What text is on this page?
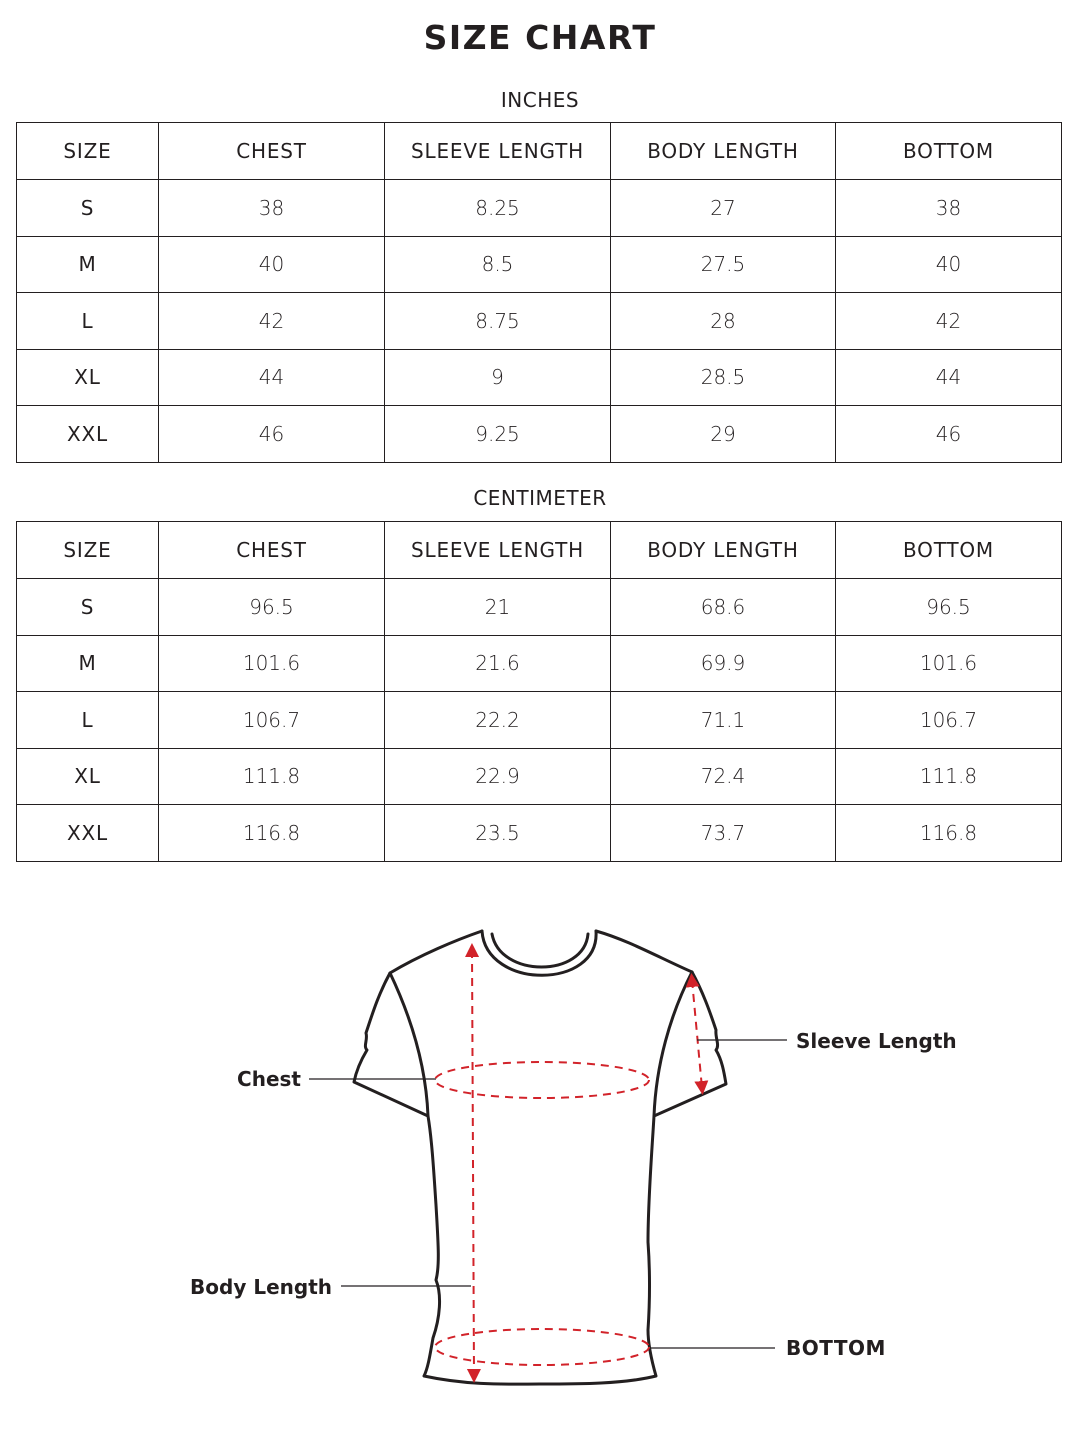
SIZE CHART
INCHES
SIZE	CHEST	SLEEVE LENGTH	BODY LENGTH	BOTTOM
S	38	8.25	27	38
M	40	8.5	27.5	40
L	42	8.75	28	42
XL	44	9	28.5	44
XXL	46	9.25	29	46
CENTIMETER
SIZE	CHEST	SLEEVE LENGTH	BODY LENGTH	BOTTOM
S	96.5	21	68.6	96.5
M	101.6	21.6	69.9	101.6
L	106.7	22.2	71.1	106.7
XL	111.8	22.9	72.4	111.8
XXL	116.8	23.5	73.7	116.8
Chest
Sleeve Length
Body Length
BOTTOM
